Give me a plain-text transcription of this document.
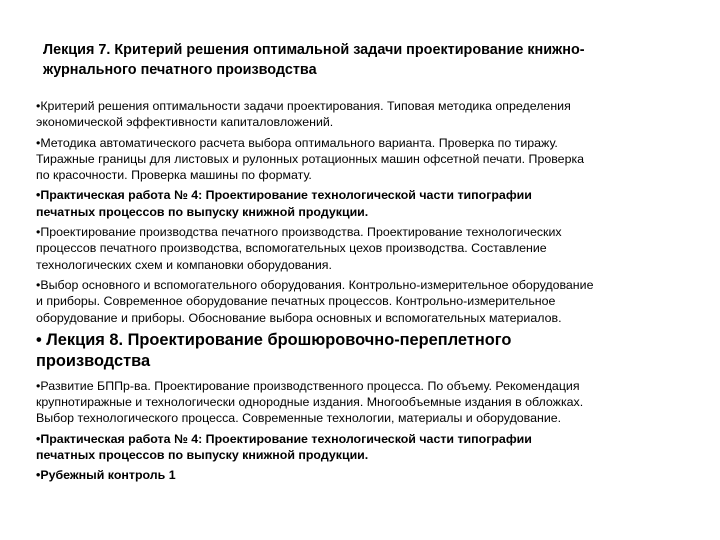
Лекция 7. Критерий решения оптимальной задачи проектирование книжно-
журнального печатного производства

•Критерий решения оптимальности задачи проектирования. Типовая методика определения
экономической эффективности капиталовложений.

•Методика автоматического расчета выбора оптимального варианта. Проверка по тиражу.
Тиражные границы для листовых и рулонных ротационных машин офсетной печати. Проверка
по красочности. Проверка машины по формату.

•Практическая работа № 4: Проектирование технологической части типографии
печатных процессов по выпуску книжной продукции.

•Проектирование производства печатного производства. Проектирование технологических
процессов печатного производства, вспомогательных цехов производства. Составление
технологических схем и компановки оборудования.

•Выбор основного и вспомогательного оборудования. Контрольно-измерительное оборудование
и приборы. Современное оборудование печатных процессов. Контрольно-измерительное
оборудование и приборы. Обоснование выбора основных и вспомогательных материалов.

• Лекция 8. Проектирование брошюровочно-переплетного
производства

•Развитие БППр-ва. Проектирование производственного процесса. По объему. Рекомендация
крупнотиражные и технологически однородные издания. Многообъемные издания в обложках.
Выбор технологического процесса. Современные технологии, материалы и оборудование.

•Практическая работа № 4: Проектирование технологической части типографии
печатных процессов по выпуску книжной продукции.

•Рубежный контроль 1
